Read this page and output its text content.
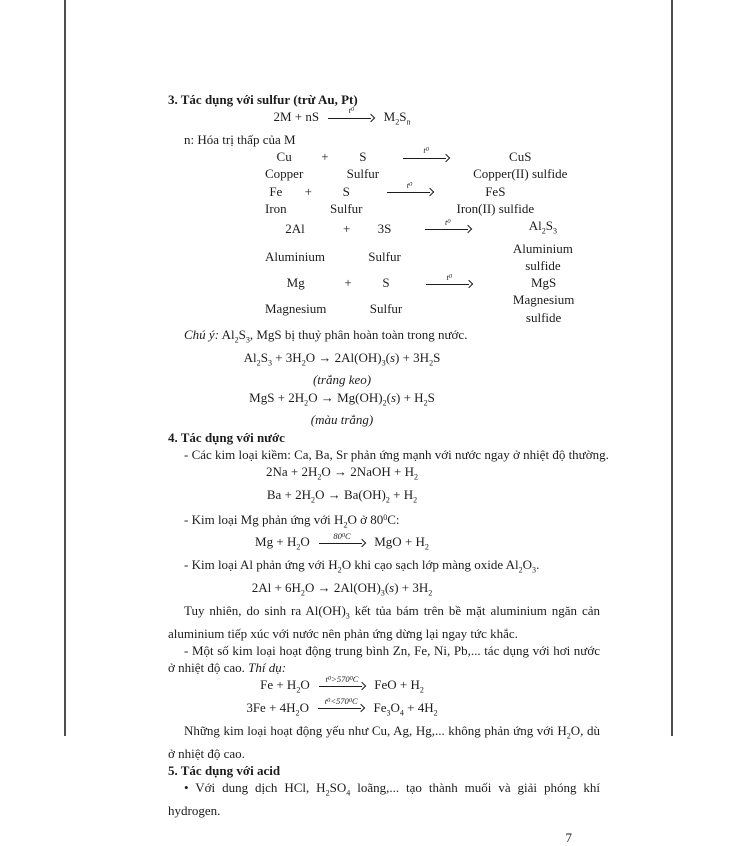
3. Tác dụng với sulfur (trừ Au, Pt)
2M + nS	$t^0$ $M_2S_n$
n: Hóa trị thấp của M
Cu	+	S	$t^0$	CuS
Copper		Sulfur		Copper(II) sulfide
Fe	+	S	$t^0$	FeS
Iron		Sulfur		Iron(II) sulfide
2Al	+	3S	$t^0$	$Al_2S_3$
Aluminium		Sulfur		Aluminium sulfide
Mg	+	S	$t^0$	MgS
Magnesium		Sulfur		Magnesium sulfide
Chú ý: $Al_2S_3$, MgS bị thuỷ phân hoàn toàn trong nước.
$Al_2S_3 + 3H_2O \to 2Al(OH)_3(s) + 3H_2S$
(trắng keo)
MgS + $2H_2O \to Mg(OH)_2(s) + H_2S$
(màu trắng)
4. Tác dụng với nước
- Các kim loại kiềm: Ca, Ba, Sr phản ứng mạnh với nước ngay ở nhiệt độ thường.
$2Na + 2H_2O$ → 2NaOH + $H_2$
$Ba + 2H_2O \to Ba(OH)_2 + H_2$
- Kim loại Mg phản ứng với $H_2O$ ở $80^0C$:
$Mg + H_2O$ $80^0C$ MgO + $H_2$
- Kim loại Al phản ứng với $H_2O$ khi cạo sạch lớp màng oxide $Al_2O_3$.
$2Al + 6H_2O \to 2Al(OH)_3(s) + 3H_2$
Tuy nhiên, do sinh ra $Al(OH)_3$ kết tủa bám trên bề mặt aluminium ngăn cản aluminium tiếp xúc với nước nên phản ứng dừng lại ngay tức khắc.
- Một số kim loại hoạt động trung bình Zn, Fe, Ni, Pb,... tác dụng với hơi nước ở nhiệt độ cao. Thí dụ:
$Fe + H_2O$ $t^0>570^0C$ FeO + $H_2$
$3Fe + 4H_2O$ $t^0<570^0C$ $Fe_3O_4 + 4H_2$
Những kim loại hoạt động yếu như Cu, Ag, Hg,... không phản ứng với $H_2O$, dù ở nhiệt độ cao.
5. Tác dụng với acid
• Với dung dịch HCl, $H_2SO_4$ loãng,... tạo thành muối và giải phóng khí hydrogen.
7
